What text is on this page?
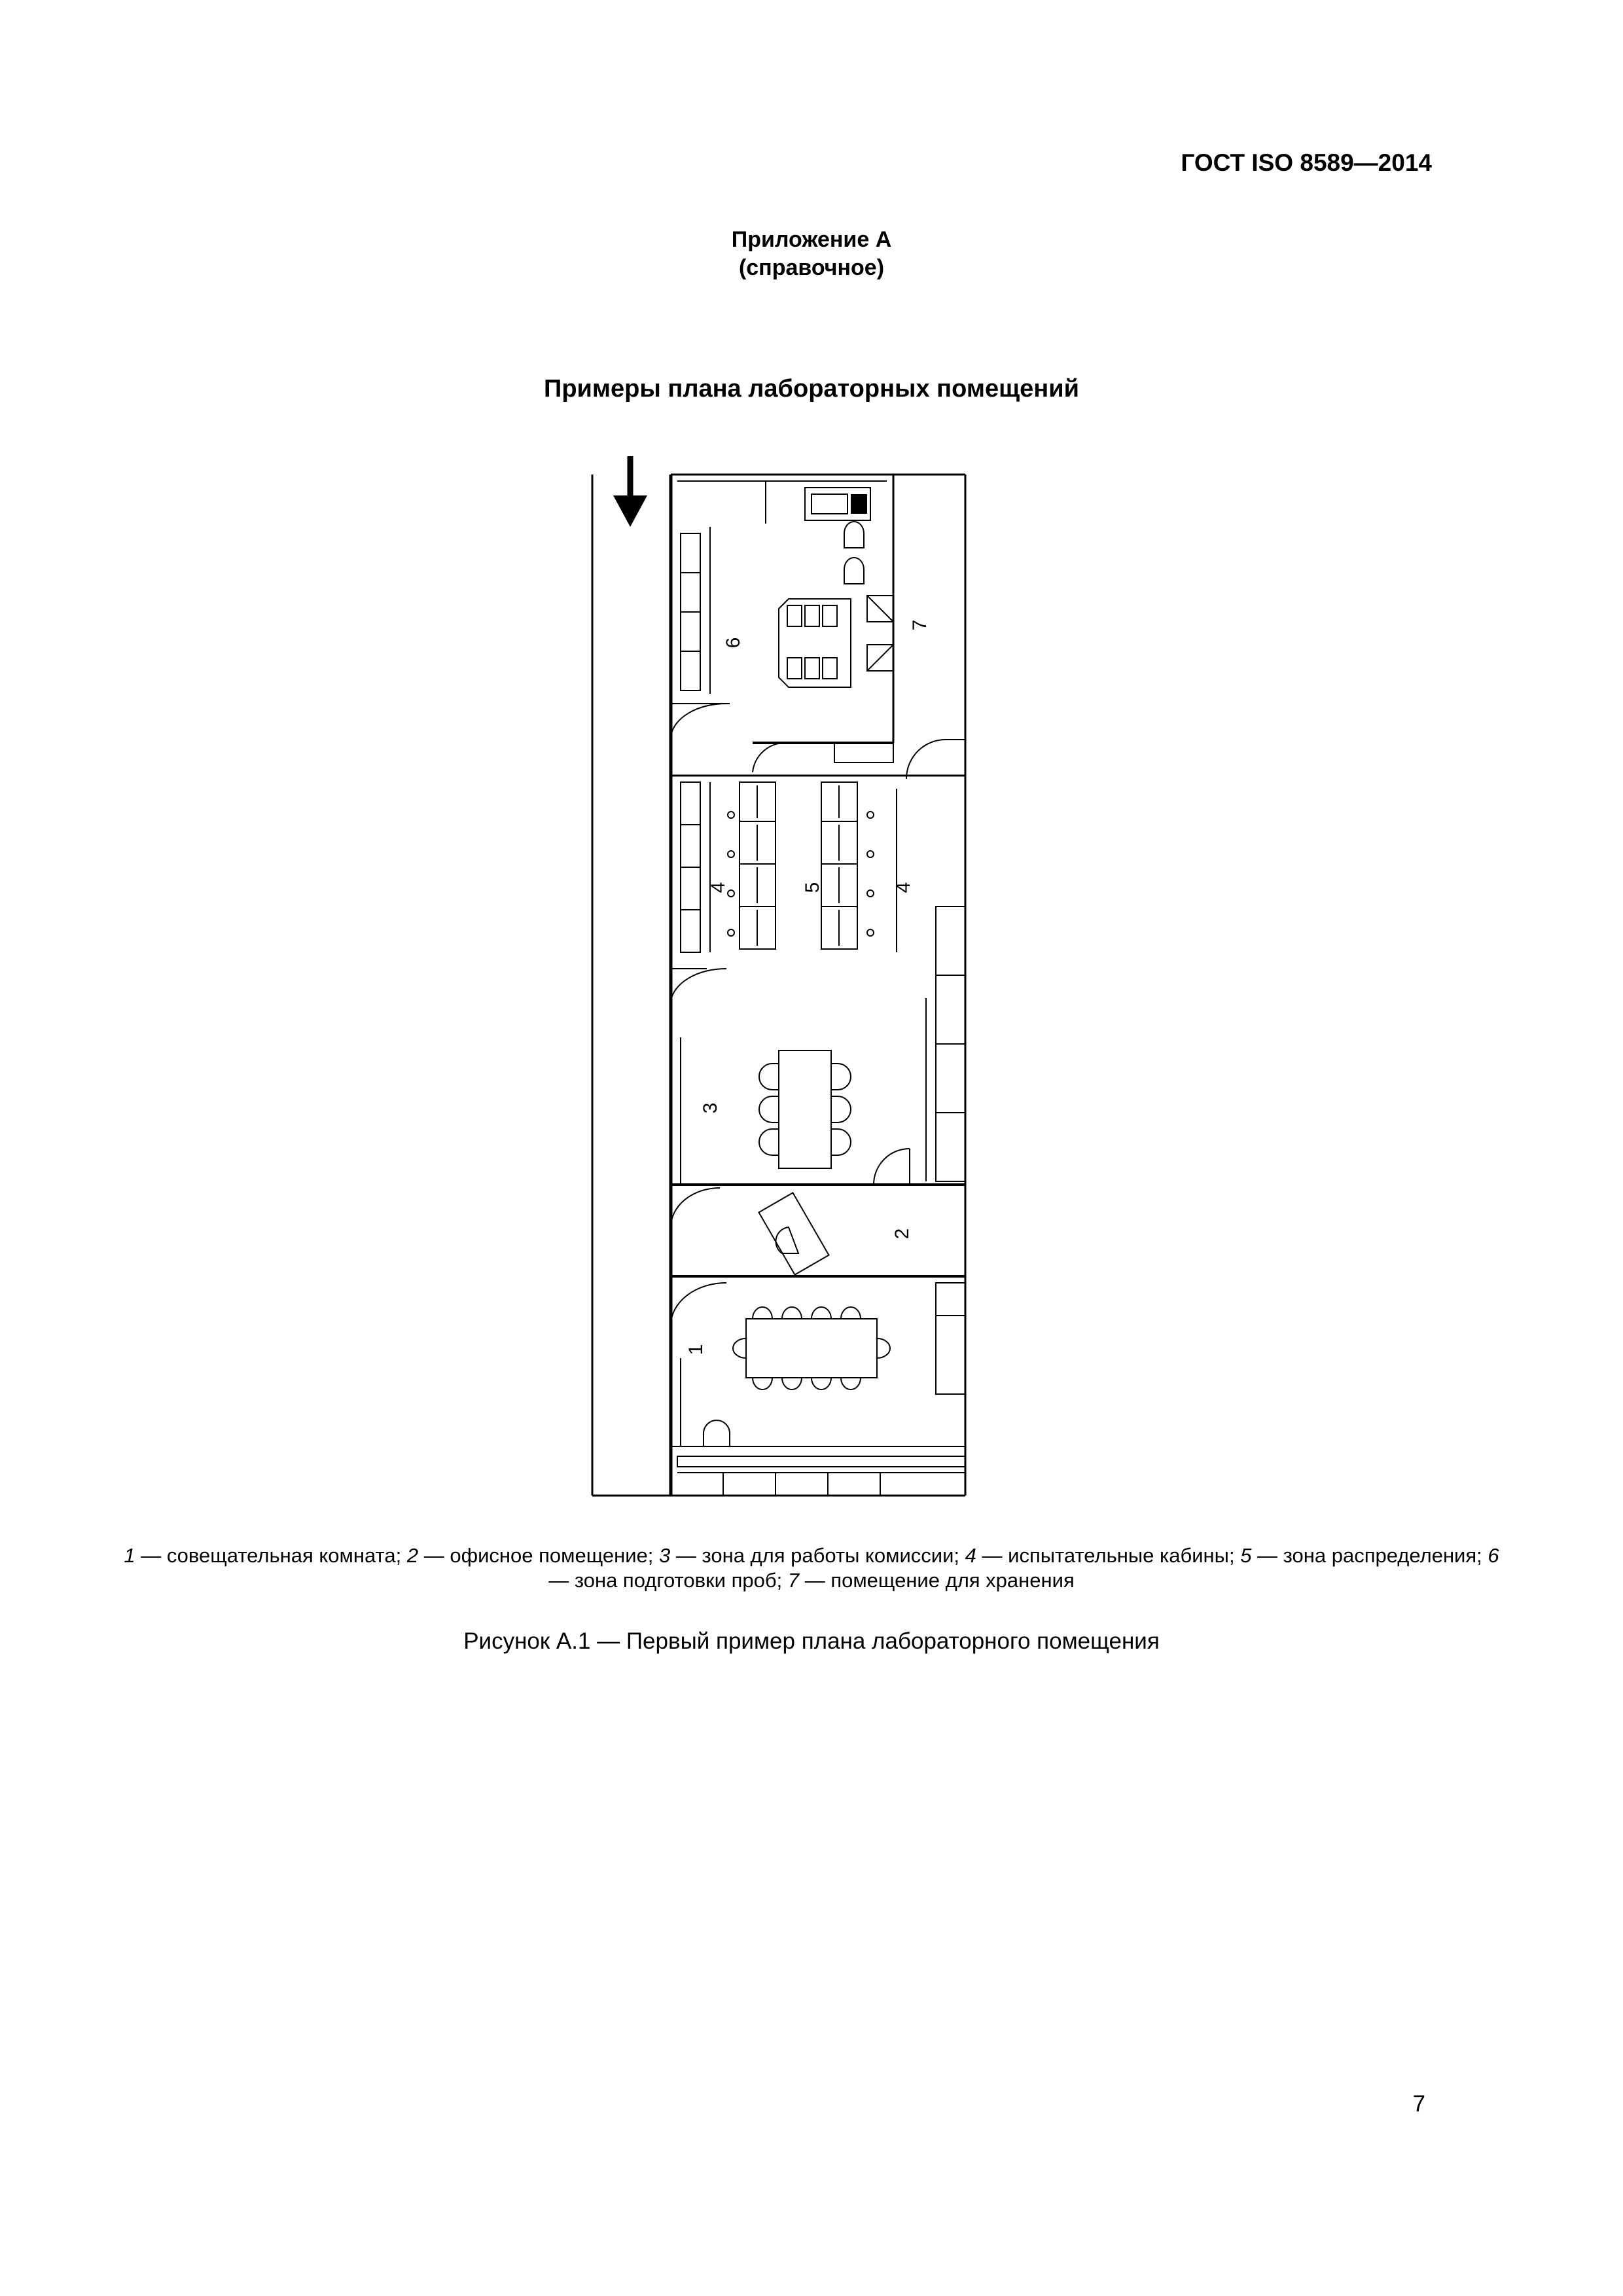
ГОСТ ISO 8589—2014
Приложение А
(справочное)
Примеры плана лабораторных помещений
1
2
3
4	4
5
6
7
1 — совещательная комната; 2 — офисное помещение; 3 — зона для работы комиссии; 4 — испытательные кабины; 5 — зона распределения; 6 — зона подготовки проб; 7 — помещение для хранения
Рисунок А.1 — Первый пример плана лабораторного помещения
7
